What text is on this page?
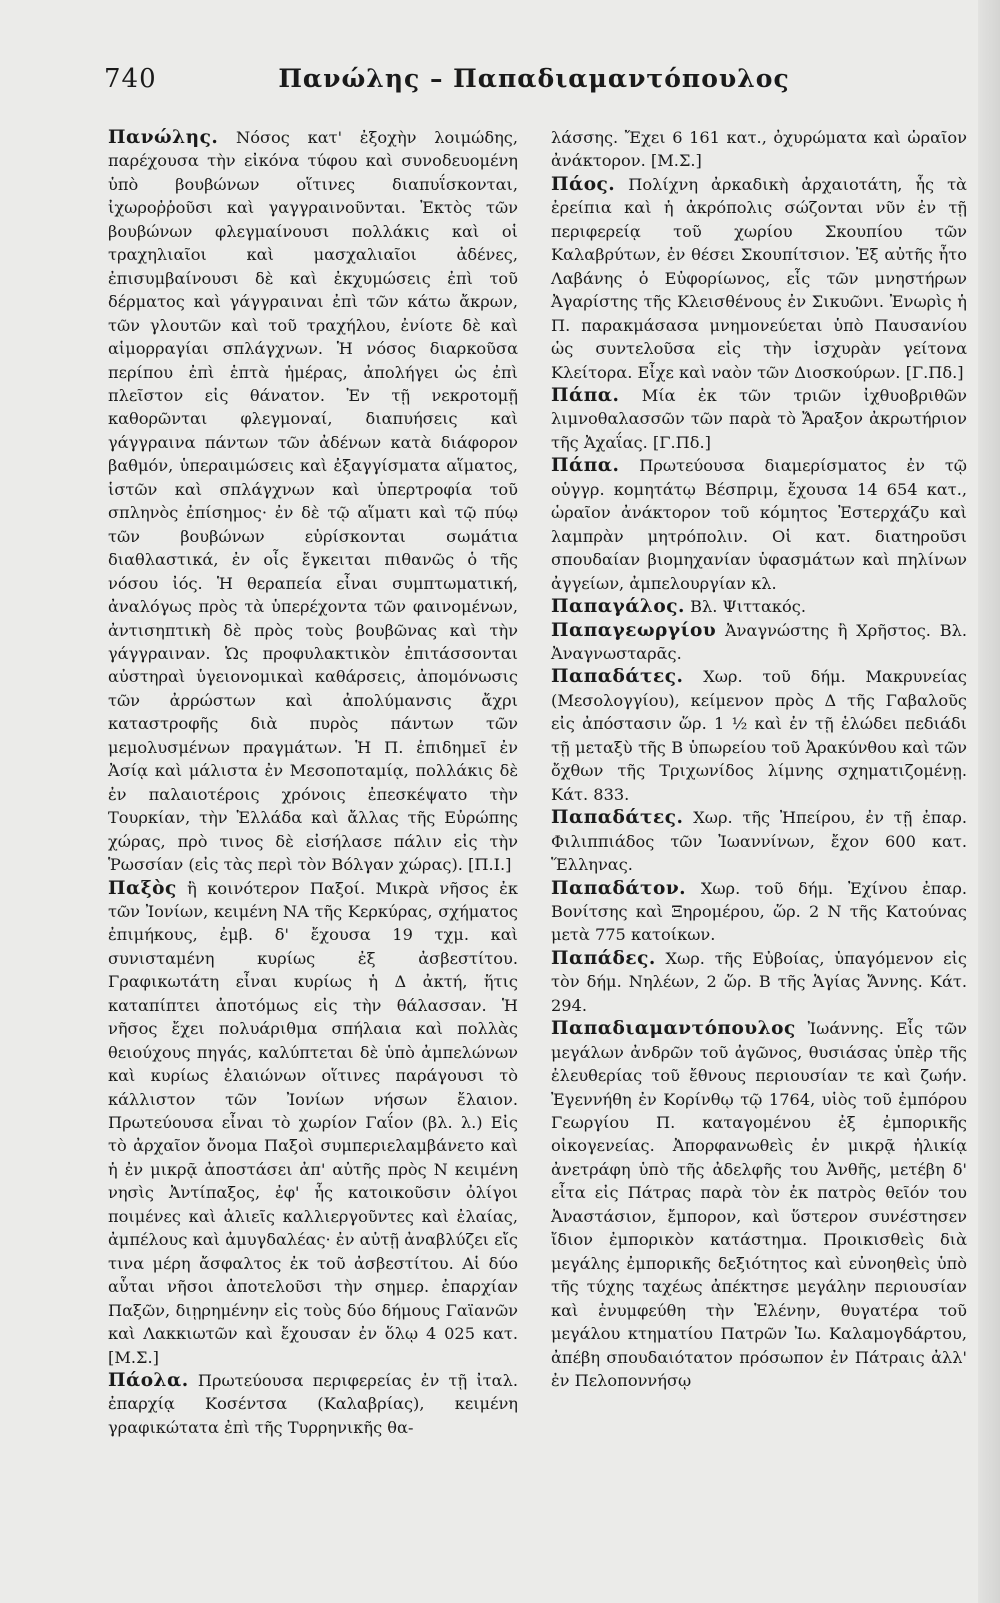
740	Πανώλης – Παπαδιαμαντόπουλος

Πανώλης. Νόσος κατ' ἐξοχὴν λοιμώδης, παρέχουσα τὴν εἰκόνα τύφου καὶ συνοδευομένη ὑπὸ βουβώνων οἵτινες διαπυΐσκονται, ἰχωροῤῥοῦσι καὶ γαγγραινοῦνται. Ἐκτὸς τῶν βουβώνων φλεγμαίνουσι πολλάκις καὶ οἱ τραχηλιαῖοι καὶ μασχαλιαῖοι ἀδένες, ἐπισυμβαίνουσι δὲ καὶ ἐκχυμώσεις ἐπὶ τοῦ δέρματος καὶ γάγγραιναι ἐπὶ τῶν κάτω ἄκρων, τῶν γλουτῶν καὶ τοῦ τραχήλου, ἐνίοτε δὲ καὶ αἱμορραγίαι σπλάγχνων. Ἡ νόσος διαρκοῦσα περίπου ἐπὶ ἑπτὰ ἡμέρας, ἀπολήγει ὡς ἐπὶ πλεῖστον εἰς θάνατον. Ἐν τῇ νεκροτομῇ καθορῶνται φλεγμοναί, διαπυήσεις καὶ γάγγραινα πάντων τῶν ἀδένων κατὰ διάφορον βαθμόν, ὑπεραιμώσεις καὶ ἐξαγγίσματα αἵματος, ἱστῶν καὶ σπλάγχνων καὶ ὑπερτροφία τοῦ σπληνὸς ἐπίσημος· ἐν δὲ τῷ αἵματι καὶ τῷ πύῳ τῶν βουβώνων εὑρίσκονται σωμάτια διαθλαστικά, ἐν οἷς ἔγκειται πιθανῶς ὁ τῆς νόσου ἰός. Ἡ θεραπεία εἶναι συμπτωματική, ἀναλόγως πρὸς τὰ ὑπερέχοντα τῶν φαινομένων, ἀντισηπτικὴ δὲ πρὸς τοὺς βουβῶνας καὶ τὴν γάγγραιναν. Ὡς προφυλακτικὸν ἐπιτάσσονται αὐστηραὶ ὑγειονομικαὶ καθάρσεις, ἀπομόνωσις τῶν ἀρρώστων καὶ ἀπολύμανσις ἄχρι καταστροφῆς διὰ πυρὸς πάντων τῶν μεμολυσμένων πραγμάτων. Ἡ Π. ἐπιδημεῖ ἐν Ἀσίᾳ καὶ μάλιστα ἐν Μεσοποταμίᾳ, πολλάκις δὲ ἐν παλαιοτέροις χρόνοις ἐπεσκέψατο τὴν Τουρκίαν, τὴν Ἑλλάδα καὶ ἄλλας τῆς Εὐρώπης χώρας, πρὸ τινος δὲ εἰσήλασε πάλιν εἰς τὴν Ῥωσσίαν (εἰς τὰς περὶ τὸν Βόλγαν χώρας). [Π.Ι.]

Παξὸς ἢ κοινότερον Παξοί. Μικρὰ νῆσος ἐκ τῶν Ἰονίων, κειμένη ΝΑ τῆς Κερκύρας, σχήματος ἐπιμήκους, ἐμβ. δ' ἔχουσα 19 τχμ. καὶ συνισταμένη κυρίως ἐξ ἀσβεστίτου. Γραφικωτάτη εἶναι κυρίως ἡ Δ ἀκτή, ἥτις καταπίπτει ἀποτόμως εἰς τὴν θάλασσαν. Ἡ νῆσος ἔχει πολυάριθμα σπήλαια καὶ πολλὰς θειούχους πηγάς, καλύπτεται δὲ ὑπὸ ἀμπελώνων καὶ κυρίως ἐλαιώνων οἵτινες παράγουσι τὸ κάλλιστον τῶν Ἰονίων νήσων ἔλαιον. Πρωτεύουσα εἶναι τὸ χωρίον Γαΐον (βλ. λ.) Εἰς τὸ ἀρχαῖον ὄνομα Παξοὶ συμπεριελαμβάνετο καὶ ἡ ἐν μικρᾷ ἀποστάσει ἀπ' αὐτῆς πρὸς Ν κειμένη νησὶς Ἀντίπαξος, ἐφ' ἧς κατοικοῦσιν ὀλίγοι ποιμένες καὶ ἁλιεῖς καλλιεργοῦντες καὶ ἐλαίας, ἀμπέλους καὶ ἀμυγδαλέας· ἐν αὐτῇ ἀναβλύζει εἴς τινα μέρη ἄσφαλτος ἐκ τοῦ ἀσβεστίτου. Αἱ δύο αὗται νῆσοι ἀποτελοῦσι τὴν σημερ. ἐπαρχίαν Παξῶν, διῃρημένην εἰς τοὺς δύο δήμους Γαϊανῶν καὶ Λακκιωτῶν καὶ ἔχουσαν ἐν ὅλῳ 4 025 κατ. [Μ.Σ.]

Πάολα. Πρωτεύουσα περιφερείας ἐν τῇ ἰταλ. ἐπαρχίᾳ Κοσέντσα (Καλαβρίας), κειμένη γραφικώτατα ἐπὶ τῆς Τυρρηνικῆς θα-

λάσσης. Ἔχει 6 161 κατ., ὀχυρώματα καὶ ὡραῖον ἀνάκτορον. [Μ.Σ.]

Πάος. Πολίχνη ἀρκαδικὴ ἀρχαιοτάτη, ἧς τὰ ἐρείπια καὶ ἡ ἀκρόπολις σώζονται νῦν ἐν τῇ περιφερείᾳ τοῦ χωρίου Σκουπίου τῶν Καλαβρύτων, ἐν θέσει Σκουπίτσιον. Ἐξ αὐτῆς ἦτο Λαβάνης ὁ Εὐφορίωνος, εἷς τῶν μνηστήρων Ἀγαρίστης τῆς Κλεισθένους ἐν Σικυῶνι. Ἐνωρὶς ἡ Π. παρακμάσασα μνημονεύεται ὑπὸ Παυσανίου ὡς συντελοῦσα εἰς τὴν ἰσχυρὰν γείτονα Κλείτορα. Εἶχε καὶ ναὸν τῶν Διοσκούρων. [Γ.Πδ.]

Πάπα. Μία ἐκ τῶν τριῶν ἰχθυοβριθῶν λιμνοθαλασσῶν τῶν παρὰ τὸ Ἄραξον ἀκρωτήριον τῆς Ἀχαΐας. [Γ.Πδ.]

Πάπα. Πρωτεύουσα διαμερίσματος ἐν τῷ οὑγγρ. κομητάτῳ Βέσπριμ, ἔχουσα 14 654 κατ., ὡραῖον ἀνάκτορον τοῦ κόμητος Ἐστερχάζυ καὶ λαμπρὰν μητρόπολιν. Οἱ κατ. διατηροῦσι σπουδαίαν βιομηχανίαν ὑφασμάτων καὶ πηλίνων ἀγγείων, ἀμπελουργίαν κλ.

Παπαγάλος. Βλ. Ψιττακός.

Παπαγεωργίου Ἀναγνώστης ἢ Χρῆστος. Βλ. Ἀναγνωσταρᾶς.

Παπαδάτες. Χωρ. τοῦ δήμ. Μακρυνείας (Μεσολογγίου), κείμενον πρὸς Δ τῆς Γαβαλοῦς εἰς ἀπόστασιν ὥρ. 1 ½ καὶ ἐν τῇ ἑλώδει πεδιάδι τῇ μεταξὺ τῆς Β ὑπωρείου τοῦ Ἀρακύνθου καὶ τῶν ὄχθων τῆς Τριχωνίδος λίμνης σχηματιζομένῃ. Κάτ. 833.

Παπαδάτες. Χωρ. τῆς Ἠπείρου, ἐν τῇ ἐπαρ. Φιλιππιάδος τῶν Ἰωαννίνων, ἔχον 600 κατ. Ἕλληνας.

Παπαδάτον. Χωρ. τοῦ δήμ. Ἐχίνου ἐπαρ. Βονίτσης καὶ Ξηρομέρου, ὥρ. 2 Ν τῆς Κατούνας μετὰ 775 κατοίκων.

Παπάδες. Χωρ. τῆς Εὐβοίας, ὑπαγόμενον εἰς τὸν δήμ. Νηλέων, 2 ὥρ. Β τῆς Ἁγίας Ἄννης. Κάτ. 294.

Παπαδιαμαντόπουλος Ἰωάννης. Εἷς τῶν μεγάλων ἀνδρῶν τοῦ ἀγῶνος, θυσιάσας ὑπὲρ τῆς ἐλευθερίας τοῦ ἔθνους περιουσίαν τε καὶ ζωήν. Ἐγεννήθη ἐν Κορίνθῳ τῷ 1764, υἱὸς τοῦ ἐμπόρου Γεωργίου Π. καταγομένου ἐξ ἐμπορικῆς οἰκογενείας. Ἀπορφανωθεὶς ἐν μικρᾷ ἡλικίᾳ ἀνετράφη ὑπὸ τῆς ἀδελφῆς του Ἀνθῆς, μετέβη δ' εἶτα εἰς Πάτρας παρὰ τὸν ἐκ πατρὸς θεῖόν του Ἀναστάσιον, ἔμπορον, καὶ ὕστερον συνέστησεν ἴδιον ἐμπορικὸν κατάστημα. Προικισθεὶς διὰ μεγάλης ἐμπορικῆς δεξιότητος καὶ εὐνοηθεὶς ὑπὸ τῆς τύχης ταχέως ἀπέκτησε μεγάλην περιουσίαν καὶ ἐνυμφεύθη τὴν Ἑλένην, θυγατέρα τοῦ μεγάλου κτηματίου Πατρῶν Ἰω. Καλαμογδάρτου, ἀπέβη σπουδαιότατον πρόσωπον ἐν Πάτραις ἀλλ' ἐν Πελοποννήσῳ
